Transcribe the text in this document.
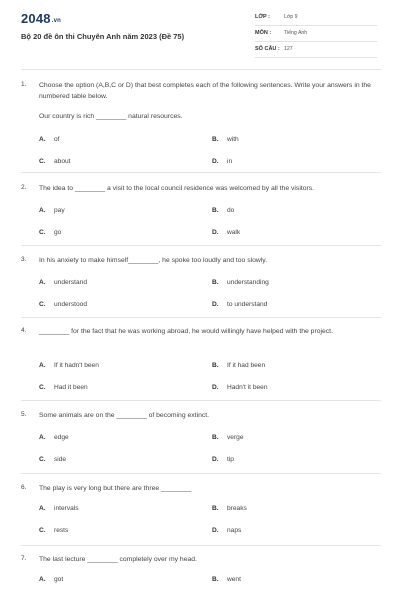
2048.vn
Bộ 20 đề ôn thi Chuyên Anh năm 2023 (Đề 75)
LỚP :	Lớp 9
MÔN : Tiếng Anh
SỐ CÂU : 127
1. Choose the option (A,B,C or D) that best completes each of the following sentences. Write your answers in the numbered table below.
Our country is rich ________ natural resources.
A. of	B. with
C. about	D. in
2. The idea to ________ a visit to the local council residence was welcomed by all the visitors.
A. pay	B. do
C. go	D. walk
3. In his anxiety to make himself________, he spoke too loudly and too slowly.
A. understand	B. understanding
C. understood	D. to understand
4. ________ for the fact that he was working abroad, he would willingly have helped with the project.
A. If it hadn't been	B. If it had been
C. Had it been	D. Hadn't it been
5. Some animals are on the ________ of becoming extinct.
A. edge	B. verge
C. side	D. tip
6. The play is very long but there are three ________
A. intervals	B. breaks
C. rests	D. naps
7. The last lecture ________ completely over my head.
A. got	B. went
